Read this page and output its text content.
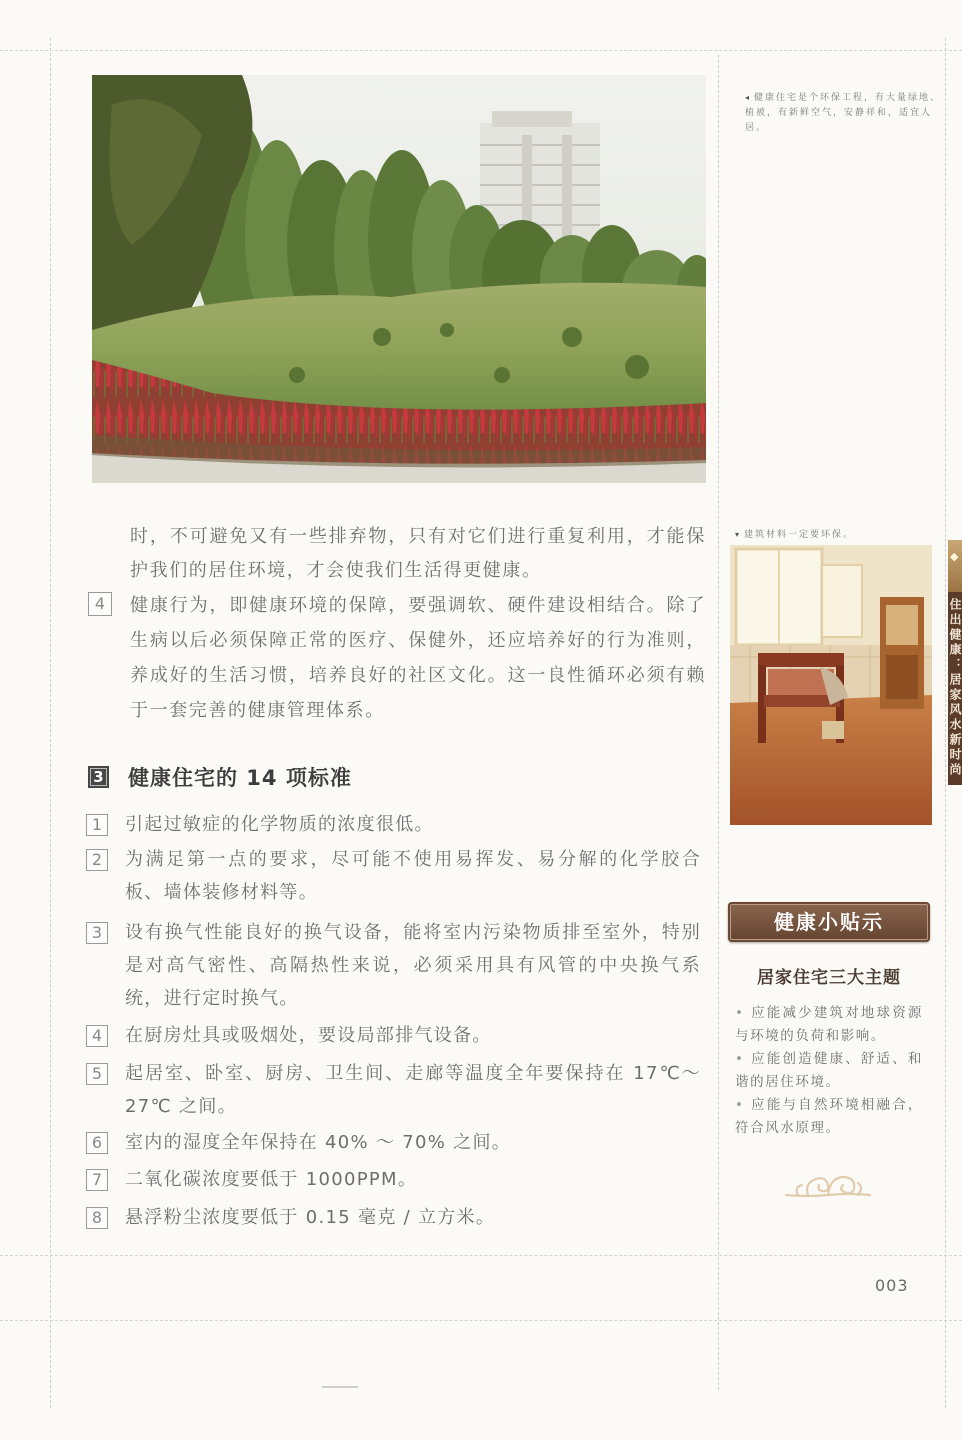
◂ 健康住宅是个环保工程，有大量绿地、植被，有新鲜空气，安静祥和，适宜人居。
时，不可避免又有一些排弃物，只有对它们进行重复利用，才能保护我们的居住环境，才会使我们生活得更健康。
4	健康行为，即健康环境的保障，要强调软、硬件建设相结合。除了生病以后必须保障正常的医疗、保健外，还应培养好的行为准则，养成好的生活习惯，培养良好的社区文化。这一良性循环必须有赖于一套完善的健康管理体系。
3 健康住宅的 14 项标准
1	引起过敏症的化学物质的浓度很低。
2	为满足第一点的要求，尽可能不使用易挥发、易分解的化学胶合板、墙体装修材料等。
3	设有换气性能良好的换气设备，能将室内污染物质排至室外，特别是对高气密性、高隔热性来说，必须采用具有风管的中央换气系统，进行定时换气。
4	在厨房灶具或吸烟处，要设局部排气设备。
5	起居室、卧室、厨房、卫生间、走廊等温度全年要保持在 17℃～ 27℃ 之间。
6	室内的湿度全年保持在 40% ～ 70% 之间。
7	二氧化碳浓度要低于 1000PPM。
8	悬浮粉尘浓度要低于 0.15 毫克 / 立方米。
▾ 建筑材料一定要环保。
◆
住出健康：居家风水新时尚
健康小贴示
居家住宅三大主题
• 应能减少建筑对地球资源与环境的负荷和影响。
• 应能创造健康、舒适、和谐的居住环境。
• 应能与自然环境相融合，符合风水原理。
003
